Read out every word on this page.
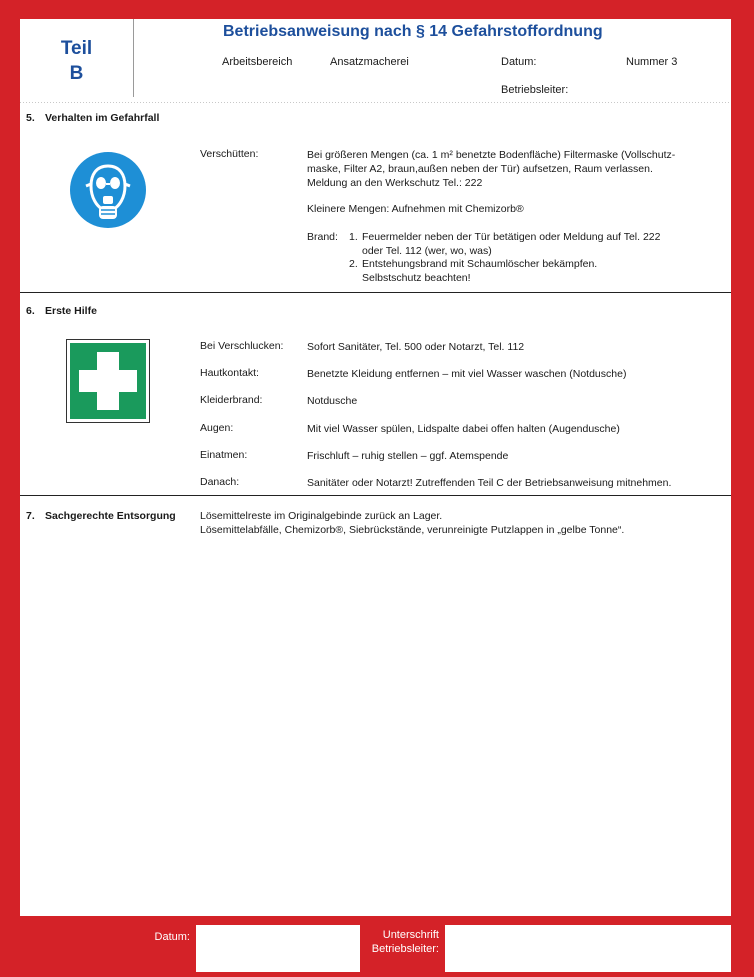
Teil
B
Betriebsanweisung nach § 14 Gefahrstoffordnung
Arbeitsbereich	Ansatzmacherei	Datum:	Nummer 3
Betriebsleiter:
5. Verhalten im Gefahrfall
Verschütten:	Bei größeren Mengen (ca. 1 m² benetzte Bodenfläche) Filtermaske (Vollschutz-
maske, Filter A2, braun,außen neben der Tür) aufsetzen, Raum verlassen.
Meldung an den Werkschutz Tel.: 222
Kleinere Mengen: Aufnehmen mit Chemizorb®
Brand: 1. Feuermelder neben der Tür betätigen oder Meldung auf Tel. 222
oder Tel. 112 (wer, wo, was)
2. Entstehungsbrand mit Schaumlöscher bekämpfen.
Selbstschutz beachten!
6. Erste Hilfe
Bei Verschlucken: Sofort Sanitäter, Tel. 500 oder Notarzt, Tel. 112
Hautkontakt:	Benetzte Kleidung entfernen – mit viel Wasser waschen (Notdusche)
Kleiderbrand:	Notdusche
Augen:	Mit viel Wasser spülen, Lidspalte dabei offen halten (Augendusche)
Einatmen:	Frischluft – ruhig stellen – ggf. Atemspende
Danach:	Sanitäter oder Notarzt! Zutreffenden Teil C der Betriebsanweisung mitnehmen.
7. Sachgerechte Entsorgung Lösemittelreste im Originalgebinde zurück an Lager.
Lösemittelabfälle, Chemizorb®, Siebrückstände, verunreinigte Putzlappen in „gelbe Tonne“.
Datum:	Unterschrift
Betriebsleiter:
